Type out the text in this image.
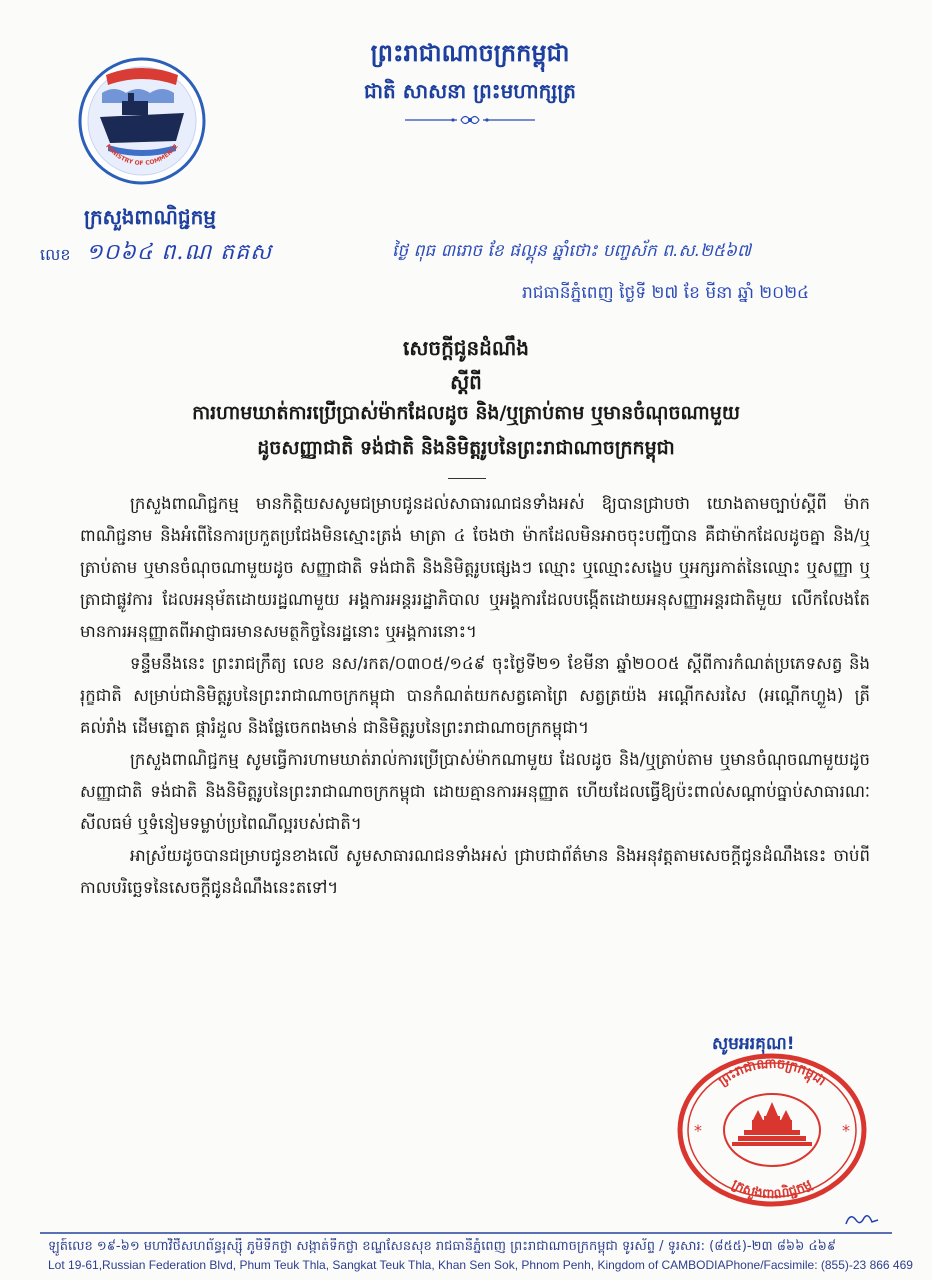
MINISTRY OF COMMERCE
ក្រសួងពាណិជ្ជកម្ម
ព្រះរាជាណាចក្រកម្ពុជា
ជាតិ សាសនា ព្រះមហាក្សត្រ
លេខ ១០៦៤ ព.ណ តគស	ថ្ងៃ ពុធ ៣រោច ខែ ផល្គុន ឆ្នាំថោះ បញ្ចស័ក ព.ស.២៥៦៧
រាជធានីភ្នំពេញ ថ្ងៃទី ២៧ ខែ មីនា ឆ្នាំ ២០២៤
សេចក្តីជូនដំណឹង
ស្តីពី
ការហាមឃាត់ការប្រើប្រាស់ម៉ាកដែលដូច និង/ឬត្រាប់តាម ឬមានចំណុចណាមួយ
ដូចសញ្ញាជាតិ ទង់ជាតិ និងនិមិត្តរូបនៃព្រះរាជាណាចក្រកម្ពុជា

ក្រសួងពាណិជ្ជកម្ម មានកិត្តិយសសូមជម្រាបជូនដល់សាធារណជនទាំងអស់ ឱ្យបានជ្រាបថា យោងតាមច្បាប់ស្តីពី ម៉ាក ពាណិជ្ជនាម និងអំពើនៃការប្រកួតប្រជែងមិនស្មោះត្រង់ មាត្រា ៤ ចែងថា ម៉ាកដែលមិនអាចចុះបញ្ជីបាន គឺជាម៉ាកដែលដូចគ្នា និង/ឬ ត្រាប់តាម ឬមានចំណុចណាមួយដូច សញ្ញាជាតិ ទង់ជាតិ និងនិមិត្តរូបផ្សេងៗ ឈ្មោះ ឬឈ្មោះសង្ខេប ឬអក្សរកាត់នៃឈ្មោះ ឬសញ្ញា ឬត្រាជាផ្លូវការ ដែលអនុម័តដោយរដ្ឋណាមួយ អង្គការអន្តររដ្ឋាភិបាល ឬអង្គការដែលបង្កើតដោយអនុសញ្ញាអន្តរជាតិមួយ លើកលែងតែមានការអនុញ្ញាតពីអាជ្ញាធរមានសមត្ថកិច្ចនៃរដ្ឋនោះ ឬអង្គការនោះ។

ទន្ទឹមនឹងនេះ ព្រះរាជក្រឹត្យ លេខ នស/រកត/០៣០៥/១៤៩ ចុះថ្ងៃទី២១ ខែមីនា ឆ្នាំ២០០៥ ស្តីពីការកំណត់ប្រភេទសត្វ និង រុក្ខជាតិ សម្រាប់ជានិមិត្តរូបនៃព្រះរាជាណាចក្រកម្ពុជា បានកំណត់យកសត្វគោព្រៃ សត្វត្រយ៉ង អណ្តើកសរសៃ (អណ្តើកហ្លួង) ត្រីគល់រាំង ដើមត្នោត ផ្ការំដួល និងផ្លែចេកពងមាន់ ជានិមិត្តរូបនៃព្រះរាជាណាចក្រកម្ពុជា។

ក្រសួងពាណិជ្ជកម្ម សូមធ្វើការហាមឃាត់រាល់ការប្រើប្រាស់ម៉ាកណាមួយ ដែលដូច និង/ឬត្រាប់តាម ឬមានចំណុចណាមួយដូចសញ្ញាជាតិ ទង់ជាតិ និងនិមិត្តរូបនៃព្រះរាជាណាចក្រកម្ពុជា ដោយគ្មានការអនុញ្ញាត ហើយដែលធ្វើឱ្យប៉ះពាល់សណ្តាប់ធ្នាប់សាធារណៈ សីលធម៌ ឬទំនៀមទម្លាប់ប្រពៃណីល្អរបស់ជាតិ។

អាស្រ័យដូចបានជម្រាបជូនខាងលើ សូមសាធារណជនទាំងអស់ ជ្រាបជាព័ត៌មាន និងអនុវត្តតាមសេចក្តីជូនដំណឹងនេះ ចាប់ពីកាលបរិច្ឆេទនៃសេចក្តីជូនដំណឹងនេះតទៅ។

សូមអរគុណ!
*	*
ព្រះរាជាណាចក្រកម្ពុជា
ក្រសួងពាណិជ្ជកម្ម
ឡូត៍លេខ ១៩-៦១ មហាវិថីសហព័ន្ធរុស្ស៊ី ភូមិទឹកថ្លា សង្កាត់ទឹកថ្លា ខណ្ឌសែនសុខ រាជធានីភ្នំពេញ ព្រះរាជាណាចក្រកម្ពុជា ទូរស័ព្ទ / ទូរសារ: (៨៥៥)-២៣ ៨៦៦ ៤៦៩
Lot 19-61,Russian Federation Blvd, Phum Teuk Thla, Sangkat Teuk Thla, Khan Sen Sok, Phnom Penh, Kingdom of CAMBODIA Phone/Facsimile: (855)-23 866 469
